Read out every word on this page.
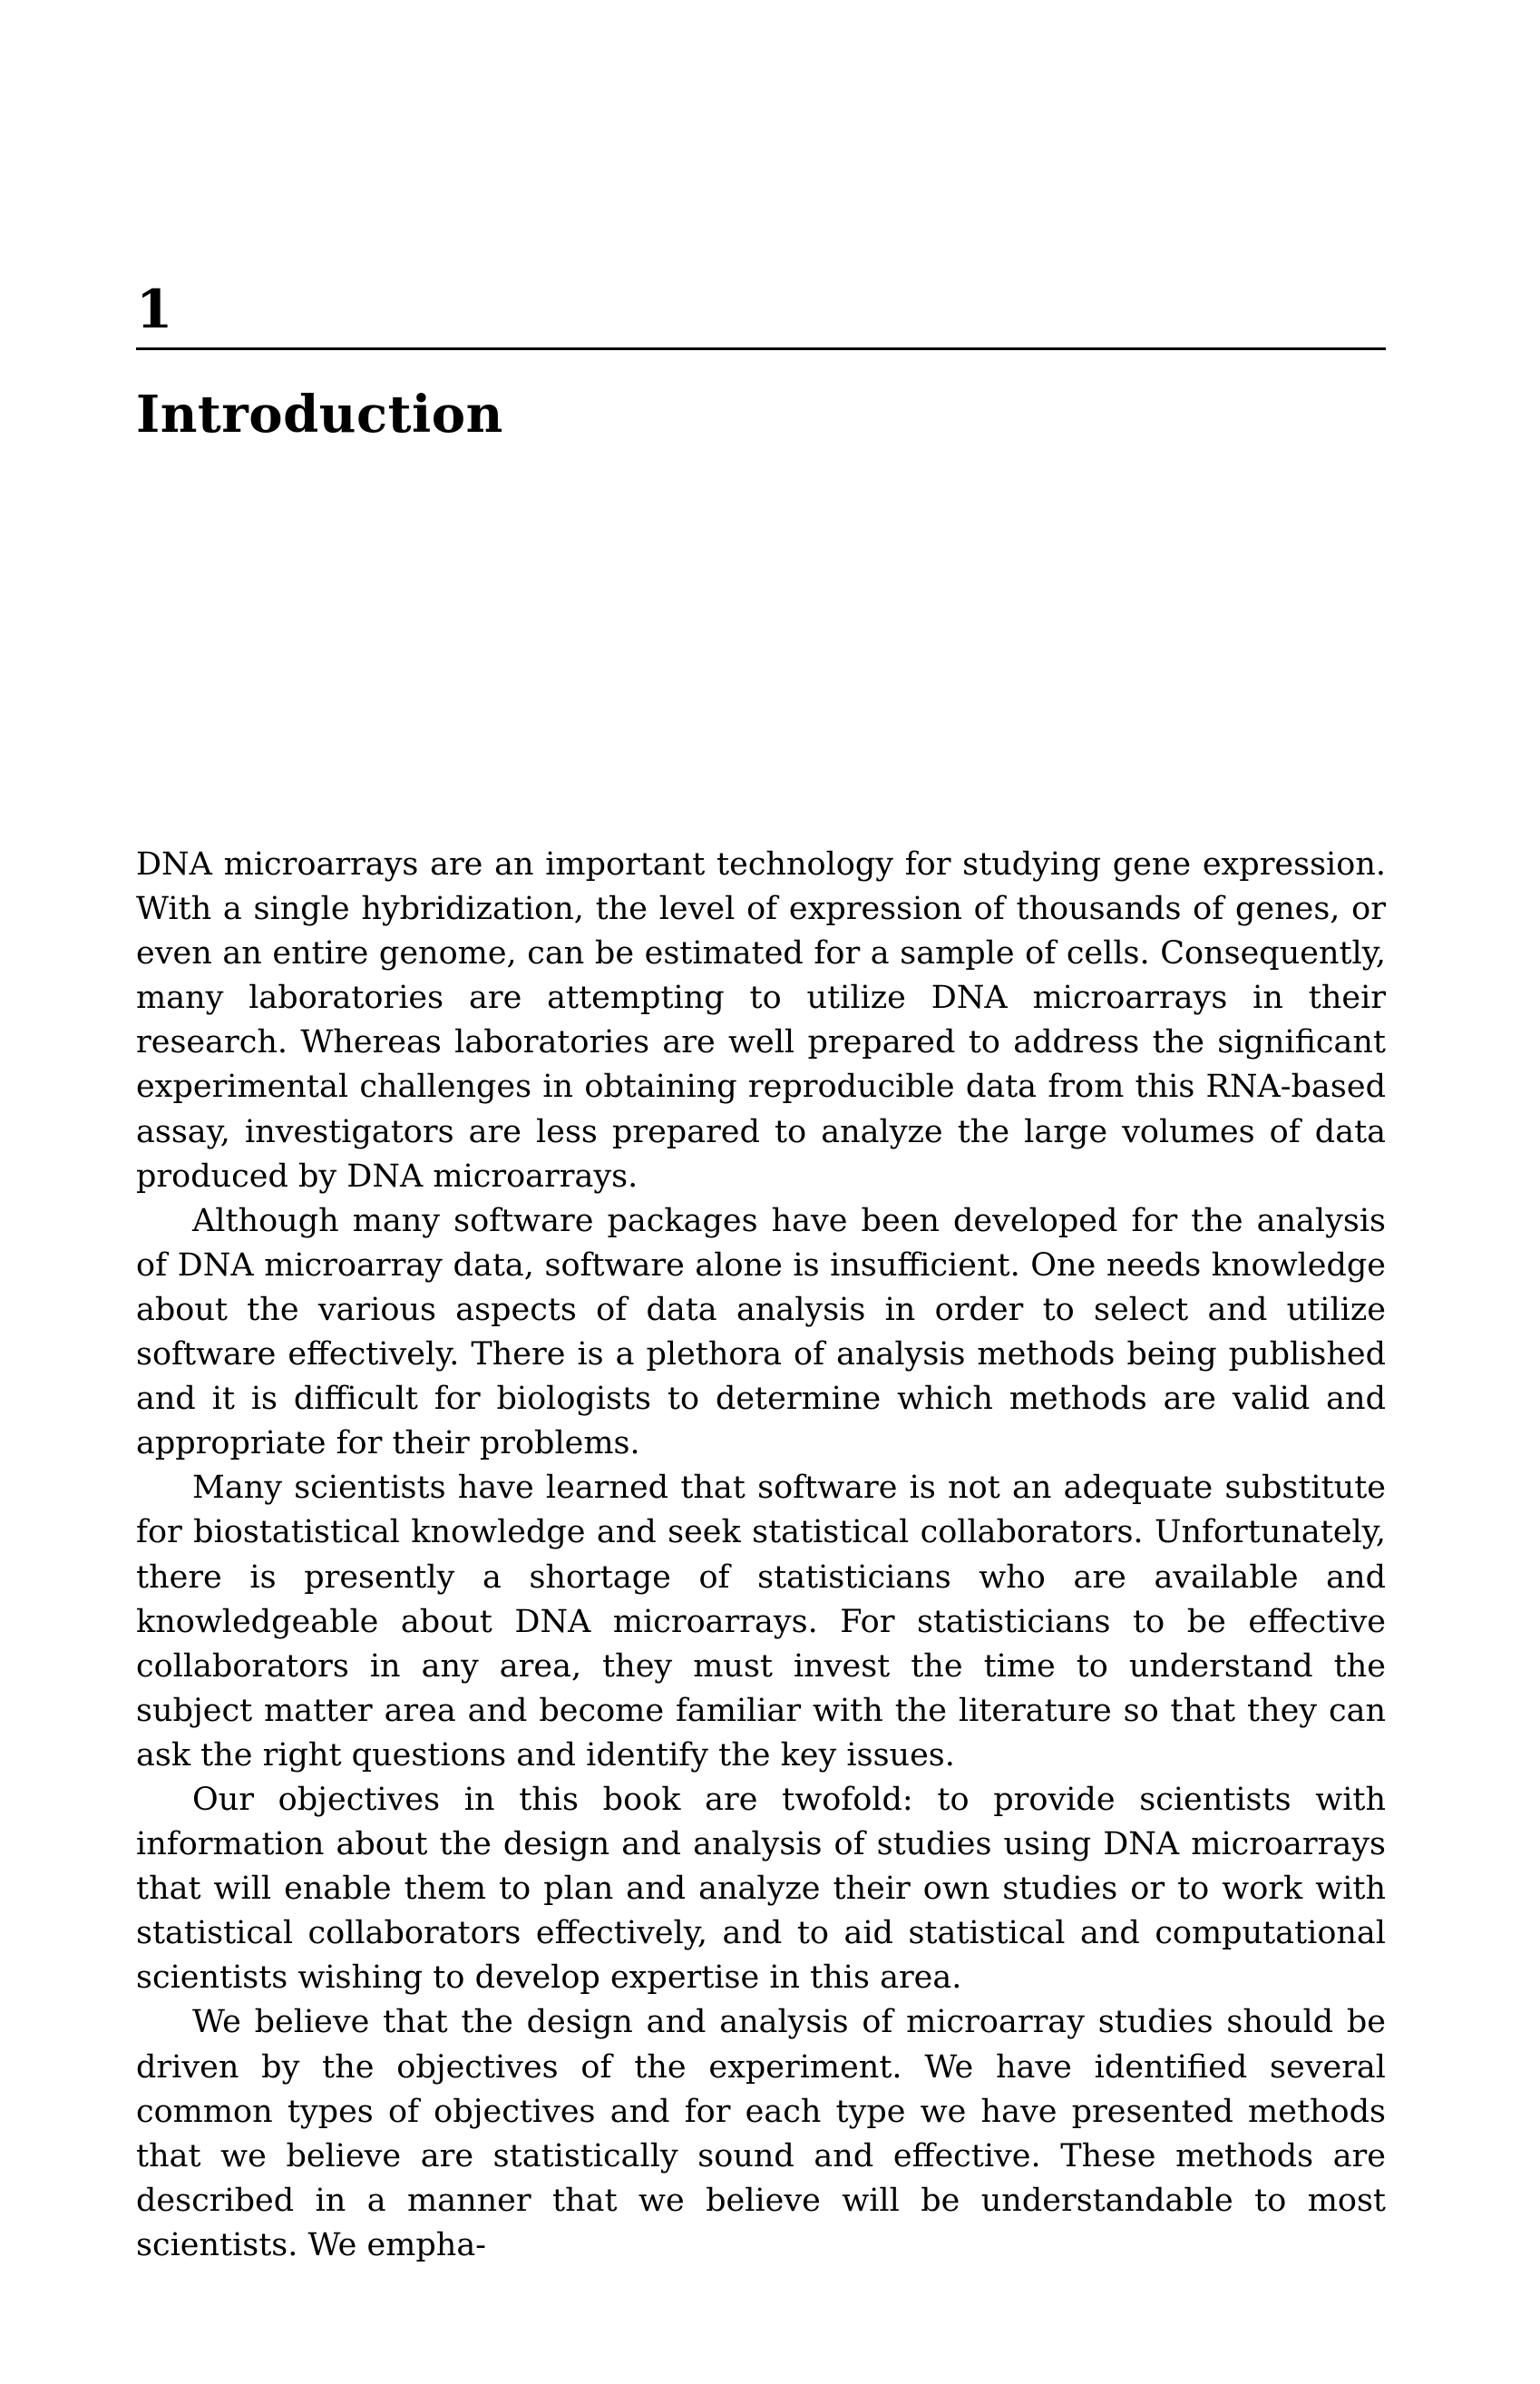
1
Introduction

DNA microarrays are an important technology for studying gene expression. With a single hybridization, the level of expression of thousands of genes, or even an entire genome, can be estimated for a sample of cells. Consequently, many laboratories are attempting to utilize DNA microarrays in their research. Whereas laboratories are well prepared to address the significant experimental challenges in obtaining reproducible data from this RNA-based assay, investigators are less prepared to analyze the large volumes of data produced by DNA microarrays.

Although many software packages have been developed for the analysis of DNA microarray data, software alone is insufficient. One needs knowledge about the various aspects of data analysis in order to select and utilize software effectively. There is a plethora of analysis methods being published and it is difficult for biologists to determine which methods are valid and appropriate for their problems.

Many scientists have learned that software is not an adequate substitute for biostatistical knowledge and seek statistical collaborators. Unfortunately, there is presently a shortage of statisticians who are available and knowledgeable about DNA microarrays. For statisticians to be effective collaborators in any area, they must invest the time to understand the subject matter area and become familiar with the literature so that they can ask the right questions and identify the key issues.

Our objectives in this book are twofold: to provide scientists with information about the design and analysis of studies using DNA microarrays that will enable them to plan and analyze their own studies or to work with statistical collaborators effectively, and to aid statistical and computational scientists wishing to develop expertise in this area.

We believe that the design and analysis of microarray studies should be driven by the objectives of the experiment. We have identified several common types of objectives and for each type we have presented methods that we believe are statistically sound and effective. These methods are described in a manner that we believe will be understandable to most scientists. We empha-
